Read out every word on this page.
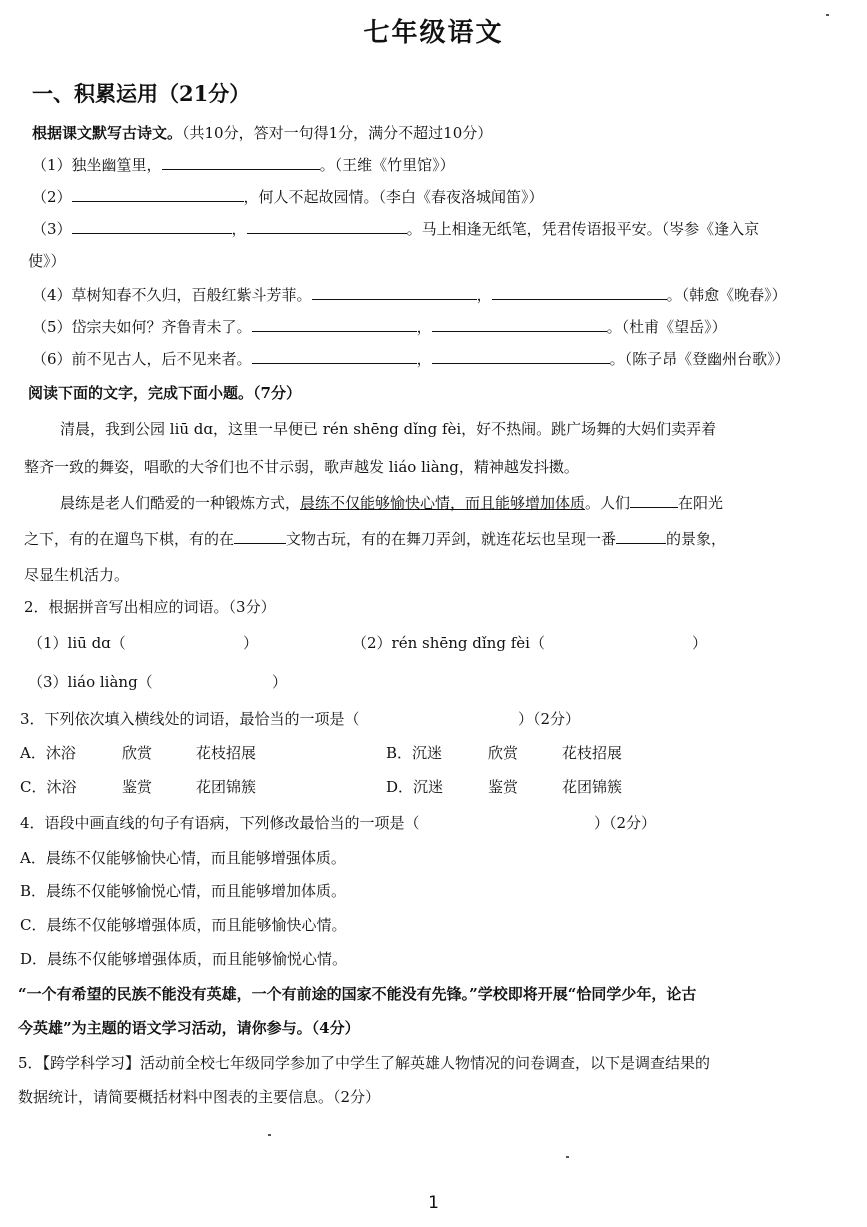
七年级语文
一、积累运用（21分）
根据课文默写古诗文。（共10分，答对一句得1分，满分不超过10分）
（1）独坐幽篁里，	。（王维《竹里馆》）
（2）	，何人不起故园情。（李白《春夜洛城闻笛》）
（3）	，	。马上相逢无纸笔，凭君传语报平安。（岑参《逢入京
使》）
（4）草树知春不久归，百般红紫斗芳菲。	，	。（韩愈《晚春》）
（5）岱宗夫如何？齐鲁青未了。	，	。（杜甫《望岳》）
（6）前不见古人，后不见来者。	，	。（陈子昂《登幽州台歌》）
阅读下面的文字，完成下面小题。（7分）
清晨，我到公园 liū dɑ，这里一早便已 rén shēng dǐng fèi，好不热闹。跳广场舞的大妈们卖弄着
整齐一致的舞姿，唱歌的大爷们也不甘示弱，歌声越发 liáo liàng，精神越发抖擞。
晨练是老人们酷爱的一种锻炼方式，晨练不仅能够愉快心情，而且能够增加体质。人们	在阳光
之下，有的在遛鸟下棋，有的在	文物古玩，有的在舞刀弄剑，就连花坛也呈现一番	的景象，
尽显生机活力。
2．根据拼音写出相应的词语。（3分）
（1）liū dɑ（	）	（2）rén shēng dǐng fèi（	）
（3）liáo liàng（	）
3．下列依次填入横线处的词语，最恰当的一项是（	）（2分）
A．沐浴	欣赏	花枝招展	B．沉迷	欣赏	花枝招展
C．沐浴	鉴赏	花团锦簇	D．沉迷	鉴赏	花团锦簇
4．语段中画直线的句子有语病，下列修改最恰当的一项是（	）（2分）
A．晨练不仅能够愉快心情，而且能够增强体质。
B．晨练不仅能够愉悦心情，而且能够增加体质。
C．晨练不仅能够增强体质，而且能够愉快心情。
D．晨练不仅能够增强体质，而且能够愉悦心情。
“一个有希望的民族不能没有英雄，一个有前途的国家不能没有先锋。”学校即将开展“恰同学少年，论古
今英雄”为主题的语文学习活动，请你参与。（4分）
5．【跨学科学习】活动前全校七年级同学参加了中学生了解英雄人物情况的问卷调查，以下是调查结果的
数据统计，请简要概括材料中图表的主要信息。（2分）
1
